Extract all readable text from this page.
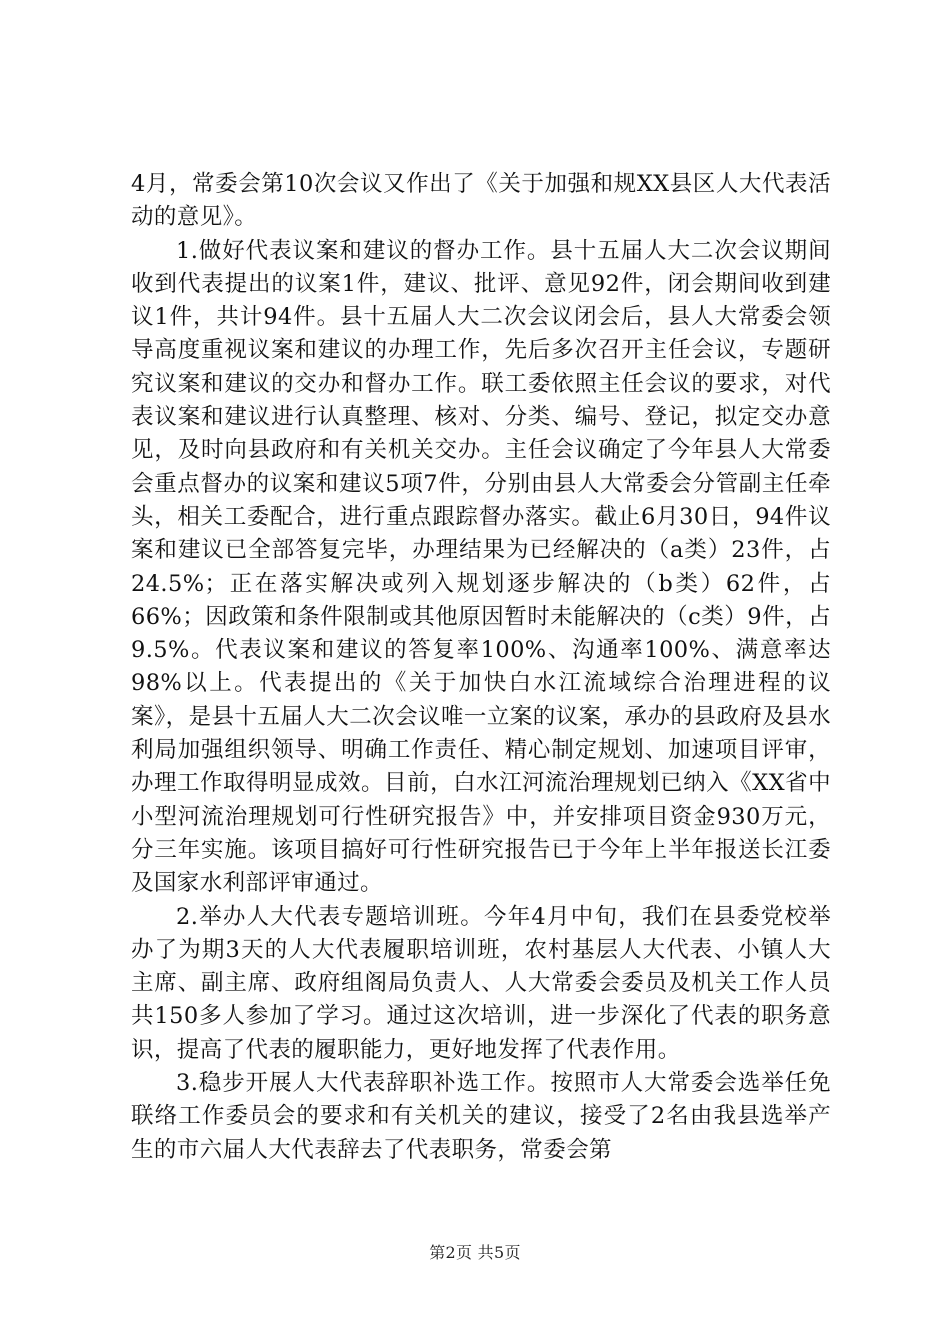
4月，常委会第10次会议又作出了《关于加强和规XX县区人大代表活动的意见》。

1.做好代表议案和建议的督办工作。县十五届人大二次会议期间收到代表提出的议案1件，建议、批评、意见92件，闭会期间收到建议1件，共计94件。县十五届人大二次会议闭会后，县人大常委会领导高度重视议案和建议的办理工作，先后多次召开主任会议，专题研究议案和建议的交办和督办工作。联工委依照主任会议的要求，对代表议案和建议进行认真整理、核对、分类、编号、登记，拟定交办意见，及时向县政府和有关机关交办。主任会议确定了今年县人大常委会重点督办的议案和建议5项7件，分别由县人大常委会分管副主任牵头，相关工委配合，进行重点跟踪督办落实。截止6月30日，94件议案和建议已全部答复完毕，办理结果为已经解决的（a类）23件，占24.5%；正在落实解决或列入规划逐步解决的（b类）62件，占66%；因政策和条件限制或其他原因暂时未能解决的（c类）9件，占9.5%。代表议案和建议的答复率100%、沟通率100%、满意率达98%以上。代表提出的《关于加快白水江流域综合治理进程的议案》，是县十五届人大二次会议唯一立案的议案，承办的县政府及县水利局加强组织领导、明确工作责任、精心制定规划、加速项目评审，办理工作取得明显成效。目前，白水江河流治理规划已纳入《XX省中小型河流治理规划可行性研究报告》中，并安排项目资金930万元，分三年实施。该项目搞好可行性研究报告已于今年上半年报送长江委及国家水利部评审通过。

2.举办人大代表专题培训班。今年4月中旬，我们在县委党校举办了为期3天的人大代表履职培训班，农村基层人大代表、小镇人大主席、副主席、政府组阁局负责人、人大常委会委员及机关工作人员共150多人参加了学习。通过这次培训，进一步深化了代表的职务意识，提高了代表的履职能力，更好地发挥了代表作用。

3.稳步开展人大代表辞职补选工作。按照市人大常委会选举任免联络工作委员会的要求和有关机关的建议，接受了2名由我县选举产生的市六届人大代表辞去了代表职务，常委会第

第2页 共5页
